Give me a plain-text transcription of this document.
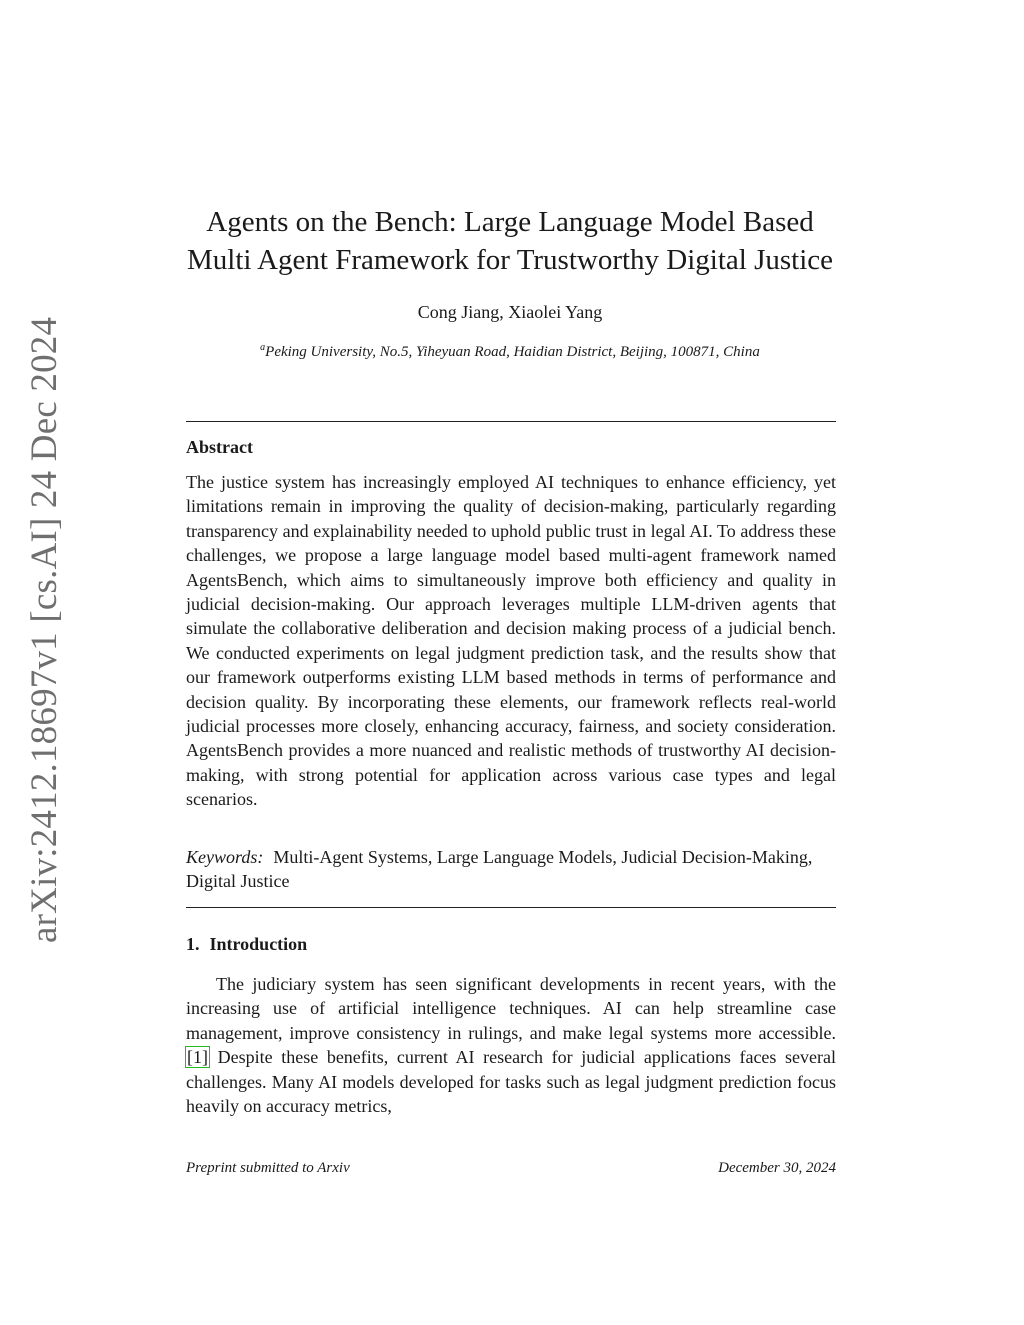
arXiv:2412.18697v1 [cs.AI] 24 Dec 2024
Agents on the Bench: Large Language Model Based
Multi Agent Framework for Trustworthy Digital Justice
Cong Jiang, Xiaolei Yang
$^a$Peking University, No.5, Yiheyuan Road, Haidian District, Beijing, 100871, China
Abstract
The justice system has increasingly employed AI techniques to enhance efficiency, yet limitations remain in improving the quality of decision-making, particularly regarding transparency and explainability needed to uphold public trust in legal AI. To address these challenges, we propose a large language model based multi-agent framework named AgentsBench, which aims to simultaneously improve both efficiency and quality in judicial decision-making. Our approach leverages multiple LLM-driven agents that simulate the collaborative deliberation and decision making process of a judicial bench. We conducted experiments on legal judgment prediction task, and the results show that our framework outperforms existing LLM based methods in terms of performance and decision quality. By incorporating these elements, our framework reflects real-world judicial processes more closely, enhancing accuracy, fairness, and society consideration. AgentsBench provides a more nuanced and realistic methods of trustworthy AI decision-making, with strong potential for application across various case types and legal scenarios.
Keywords: Multi-Agent Systems, Large Language Models, Judicial Decision-Making, Digital Justice
1. Introduction
The judiciary system has seen significant developments in recent years, with the increasing use of artificial intelligence techniques. AI can help streamline case management, improve consistency in rulings, and make legal systems more accessible. [1] Despite these benefits, current AI research for judicial applications faces several challenges. Many AI models developed for tasks such as legal judgment prediction focus heavily on accuracy metrics,
Preprint submitted to Arxiv	December 30, 2024
